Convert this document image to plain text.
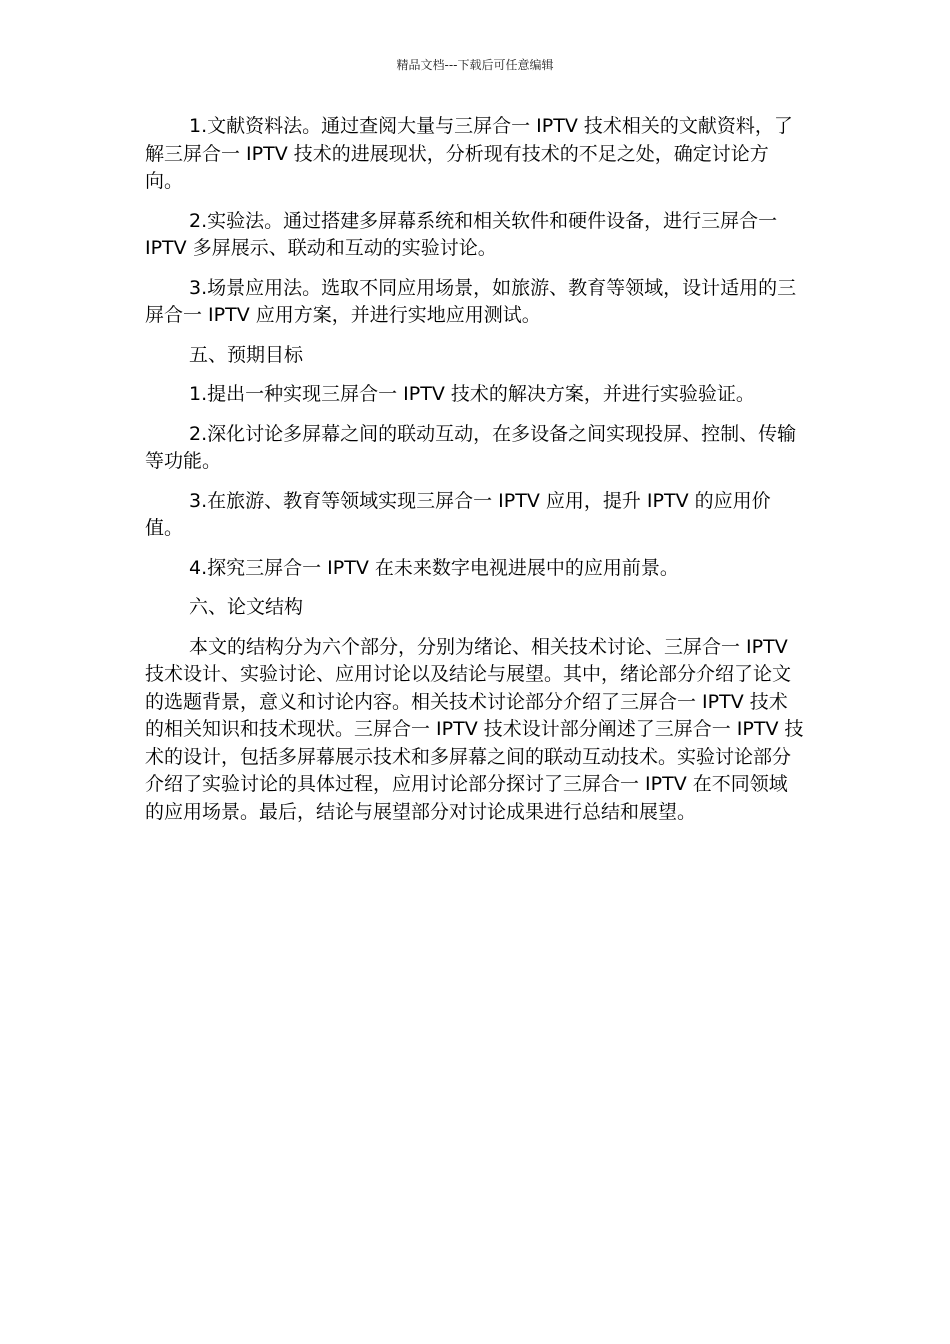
精品文档---下载后可任意编辑

1.文献资料法。通过查阅大量与三屏合一 IPTV 技术相关的文献资料，了解三屏合一 IPTV 技术的进展现状，分析现有技术的不足之处，确定讨论方向。

2.实验法。通过搭建多屏幕系统和相关软件和硬件设备，进行三屏合一 IPTV 多屏展示、联动和互动的实验讨论。

3.场景应用法。选取不同应用场景，如旅游、教育等领域，设计适用的三屏合一 IPTV 应用方案，并进行实地应用测试。

五、预期目标

1.提出一种实现三屏合一 IPTV 技术的解决方案，并进行实验验证。

2.深化讨论多屏幕之间的联动互动，在多设备之间实现投屏、控制、传输等功能。

3.在旅游、教育等领域实现三屏合一 IPTV 应用，提升 IPTV 的应用价值。

4.探究三屏合一 IPTV 在未来数字电视进展中的应用前景。

六、论文结构

本文的结构分为六个部分，分别为绪论、相关技术讨论、三屏合一 IPTV 技术设计、实验讨论、应用讨论以及结论与展望。其中，绪论部分介绍了论文的选题背景，意义和讨论内容。相关技术讨论部分介绍了三屏合一 IPTV 技术的相关知识和技术现状。三屏合一 IPTV 技术设计部分阐述了三屏合一 IPTV 技术的设计，包括多屏幕展示技术和多屏幕之间的联动互动技术。实验讨论部分介绍了实验讨论的具体过程，应用讨论部分探讨了三屏合一 IPTV 在不同领域的应用场景。最后，结论与展望部分对讨论成果进行总结和展望。
